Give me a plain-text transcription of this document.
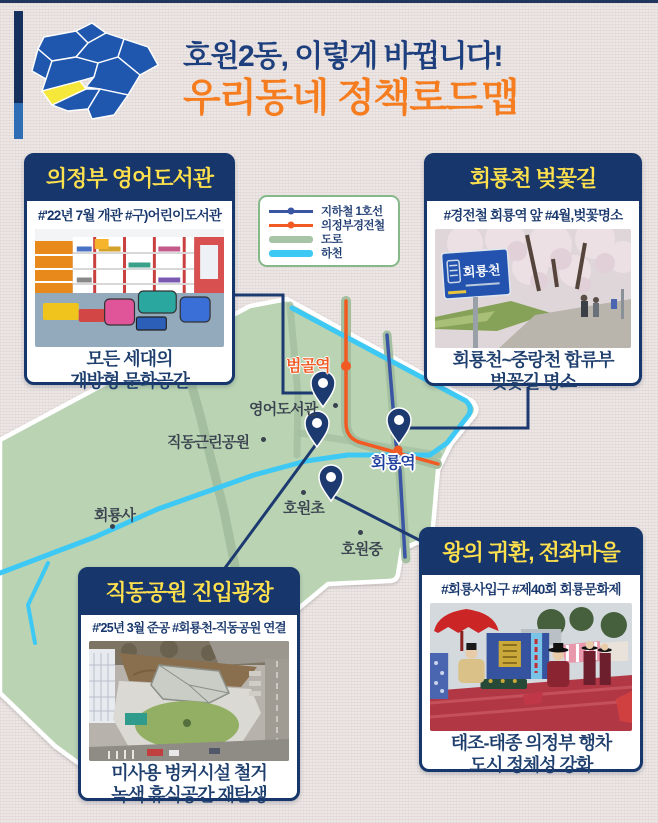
범골역
영어도서관
직동근린공원
회룡사	호원초
호원중
회룡역
지하철 1호선
의정부경전철
도로
하천
호원2동, 이렇게 바뀝니다!
우리동네 정책로드맵
의정부 영어도서관
#'22년 7월 개관 #구)어린이도서관
모든 세대의
개방형 문화공간
회룡천 벚꽃길
#경전철 회룡역 앞 #4월,벚꽃명소
회룡천
회룡천~중랑천 합류부
벚꽃길 명소
직동공원 진입광장
#'25년 3월 준공 #회룡천-직동공원 연결
미사용 벙커시설 철거
녹색 휴식공간 재탄생
왕의 귀환, 전좌마을
#회룡사입구 #제40회 회룡문화제
태조-태종 의정부 행차
도시 정체성 강화
